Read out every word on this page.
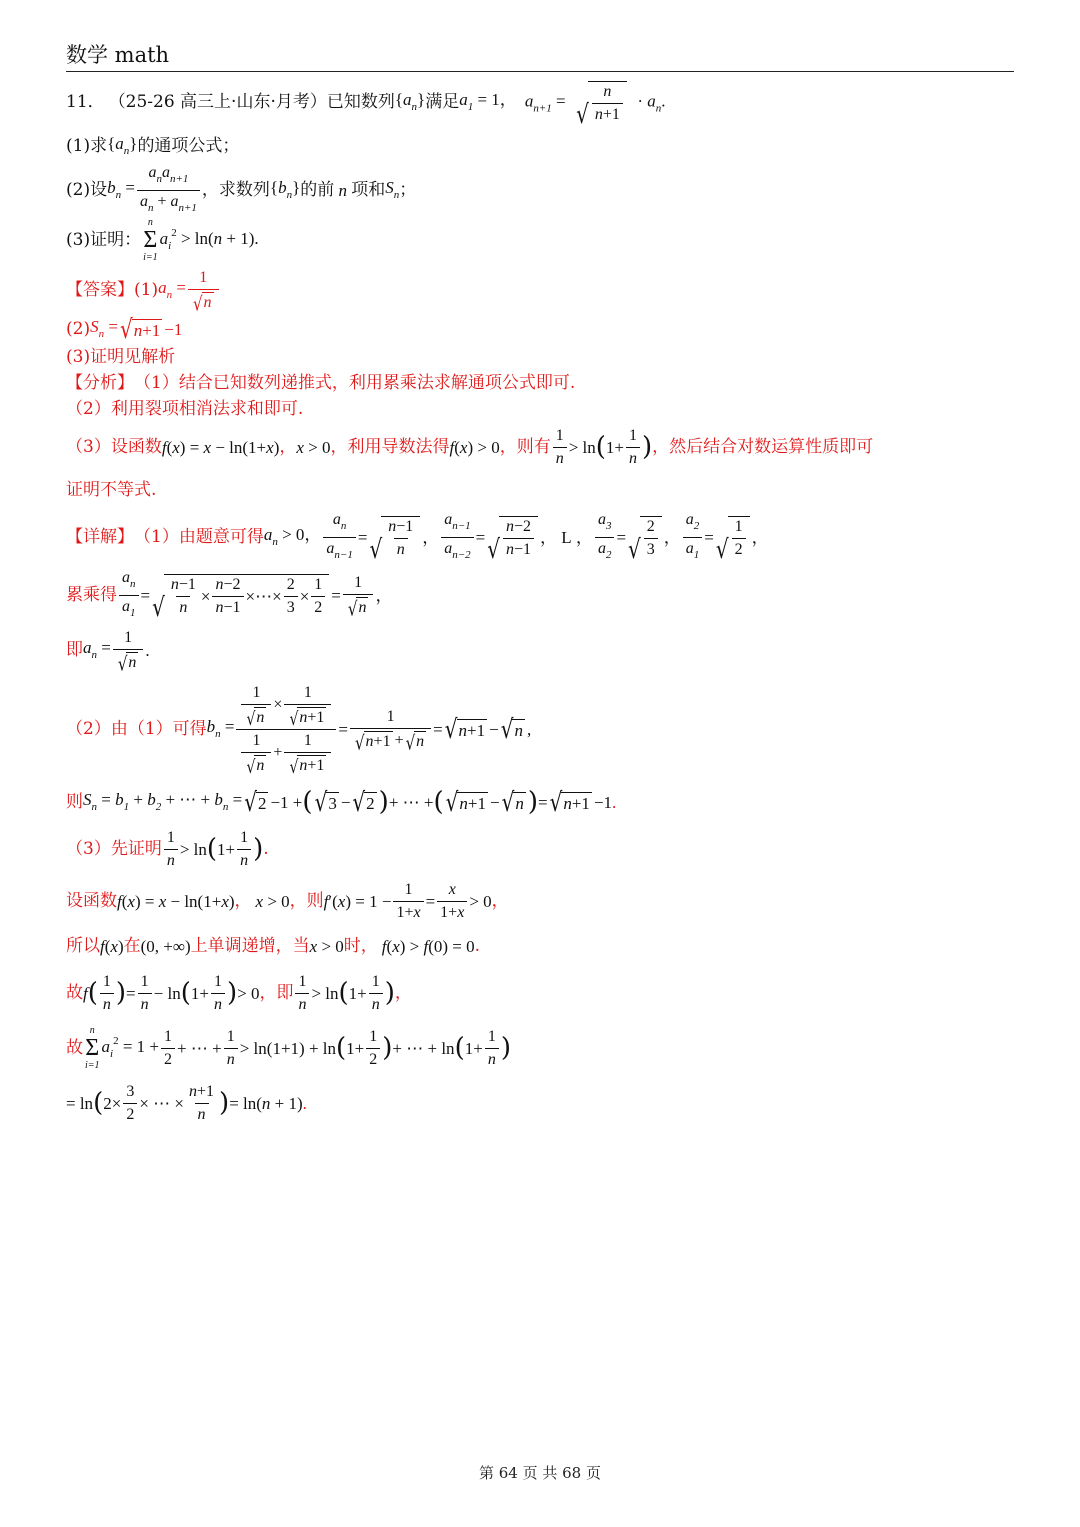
数学 math
11． （25-26 高三上·山东·月考） 已知数列 $\{a_n\}$ 满足 $a_1 = 1$， $a_{n+1}$ = √ $\frac{n}{n+1} \cdot a_n$.
(1)求 $\{a_n\}$ 的通项公式；
(2)设 $b_n = \frac{a_na_{n+1}}{a_n + a_{n+1}}$ ，求数列 $\{b_n\}$ 的前 n 项和 $S_n$ ；
(3)证明：
n
Σ
i=1
$a_i^2 > \ln(n + 1)$.
【答案】 (1) $a_n = \frac{1}{√ n}$
(2) $S_n$ = √ n +1 −1
(3)证明见解析
【分析】 （1）结合已知数列递推式，利用累乘法求解通项公式即可.
（2）利用裂项相消法求和即可.
（3）设函数 f(x) = x − ln(1+x) ， x > 0 ，利用导数法得 f(x) > 0 ，则有 $\frac{1}{n} > \ln$ ( $1+ \frac{1}{n}$ ) ，然后结合对数运算性质即可
证明不等式.
【详解】 （1）由题意可得 $a_n > 0$， $\frac{a_n}{a_{n-1}}$ = √ $\frac{n-1}{n}$ ， $\frac{a_{n-1}}{a_{n-2}}$ = √ $\frac{n-2}{n-1}$ ， L ， $\frac{a_3}{a_2}$ = √ $\frac{2}{3}$ ， $\frac{a_2}{a_1}$ = √ $\frac{1}{2}$ ，
累乘得 $\frac{a_n}{a_1}$ = √ $\frac{n-1}{n} \times \frac{n-2}{n-1}$ ×⋯× $\frac{2}{3} \times \frac{1}{2} = \frac{1}{√ n}$ ，
即 $a_n = \frac{1}{√ n}$ .
（2）由（1）可得 $b_n = \frac{\frac{1}{√ n} \times \frac{1}{√ n +1}}{\frac{1}{√ n} + \frac{1}{√ n +1}} = \frac{1}{√ n +1 + √ n}$ = √ n +1 − √ n ,
则 $S_n = b_1 + b_2$ + ⋯ + $b_n$ = √ 2 −1 + ( √ 3 − √ 2 ) + ⋯ + ( √ n +1 − √ n ) = √ n +1 −1.
（3）先证明 $\frac{1}{n} > \ln$ ( $1+ \frac{1}{n}$ ) .
设函数 f(x) = x − ln(1+x) ， x > 0 ，则 $f'(x) = 1 - \frac{1}{1+x} = \frac{x}{1+x} > 0$ ，
所以 f(x) 在 (0, +∞) 上单调递增，当 x > 0 时， f(x) > f(0) = 0 .
故 f ( $\frac{1}{n}$ ) = $\frac{1}{n} - \ln$ ( $1+ \frac{1}{n}$ ) > 0 ，即 $\frac{1}{n} > \ln$ ( $1+ \frac{1}{n}$ ) ，
故
n
Σ
i=1
$a_i^2 = 1 + \frac{1}{2}$ + ⋯ + $\frac{1}{n} > \ln(1+1) + \ln$ ( $1+ \frac{1}{2}$ ) + ⋯ + ln ( $1+ \frac{1}{n}$ )
= ln ( $2\times \frac{3}{2}$ × ⋯ × $\frac{n+1}{n}$ ) = ln(n + 1).
第 64 页 共 68 页
